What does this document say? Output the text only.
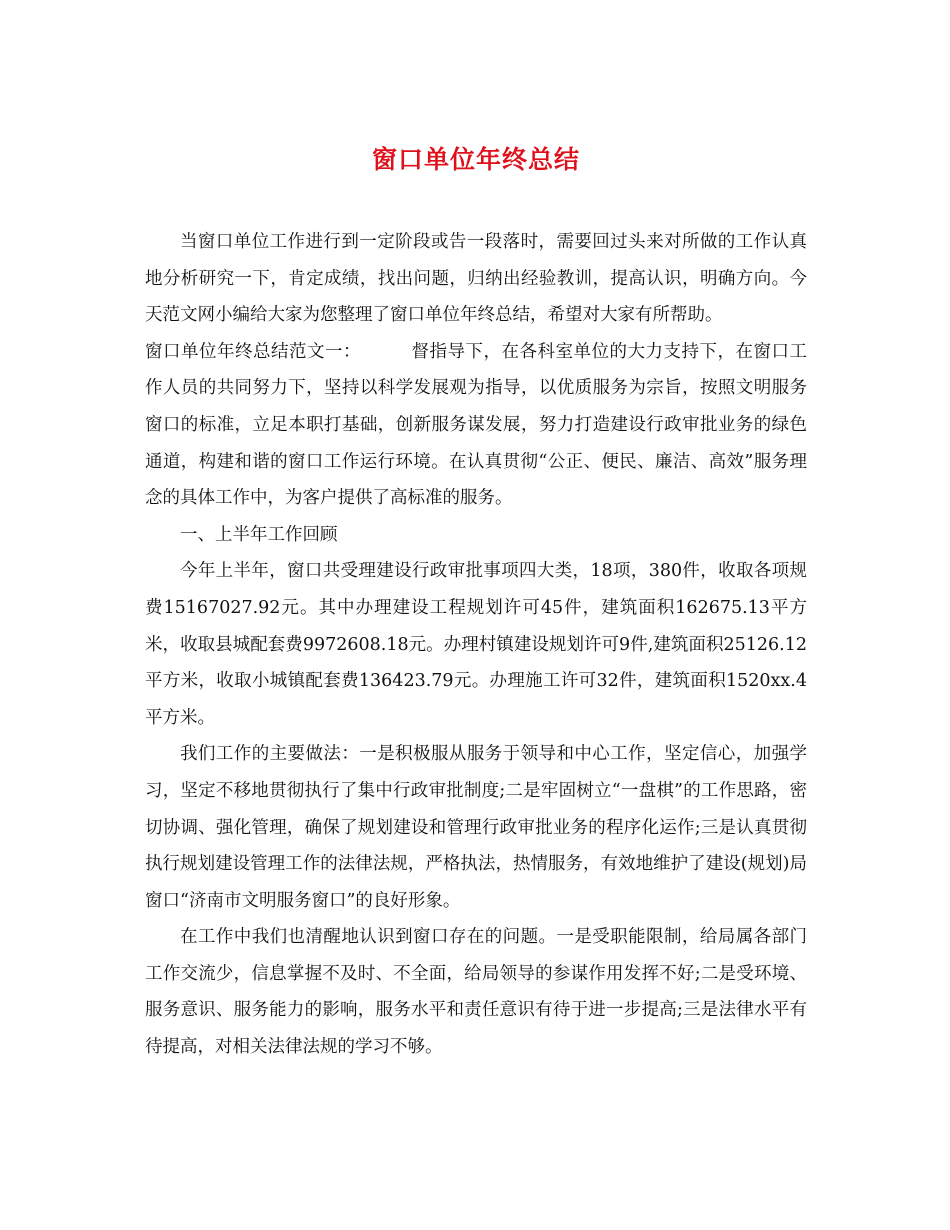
窗口单位年终总结

当窗口单位工作进行到一定阶段或告一段落时，需要回过头来对所做的工作认真地分析研究一下，肯定成绩，找出问题，归纳出经验教训，提高认识，明确方向。今天范文网小编给大家为您整理了窗口单位年终总结，希望对大家有所帮助。

窗口单位年终总结范文一：	督指导下，在各科室单位的大力支持下，在窗口工作人员的共同努力下，坚持以科学发展观为指导，以优质服务为宗旨，按照文明服务窗口的标准，立足本职打基础，创新服务谋发展，努力打造建设行政审批业务的绿色通道，构建和谐的窗口工作运行环境。在认真贯彻“公正、便民、廉洁、高效”服务理念的具体工作中，为客户提供了高标准的服务。

一、上半年工作回顾

今年上半年，窗口共受理建设行政审批事项四大类，18项，380件，收取各项规费15167027.92元。其中办理建设工程规划许可45件，建筑面积162675.13平方米，收取县城配套费9972608.18元。办理村镇建设规划许可9件,建筑面积25126.12平方米，收取小城镇配套费136423.79元。办理施工许可32件，建筑面积1520xx.4平方米。

我们工作的主要做法：一是积极服从服务于领导和中心工作，坚定信心，加强学习，坚定不移地贯彻执行了集中行政审批制度;二是牢固树立“一盘棋”的工作思路，密切协调、强化管理，确保了规划建设和管理行政审批业务的程序化运作;三是认真贯彻执行规划建设管理工作的法律法规，严格执法，热情服务，有效地维护了建设(规划)局窗口“济南市文明服务窗口”的良好形象。

在工作中我们也清醒地认识到窗口存在的问题。一是受职能限制，给局属各部门工作交流少，信息掌握不及时、不全面，给局领导的参谋作用发挥不好;二是受环境、服务意识、服务能力的影响，服务水平和责任意识有待于进一步提高;三是法律水平有待提高，对相关法律法规的学习不够。
